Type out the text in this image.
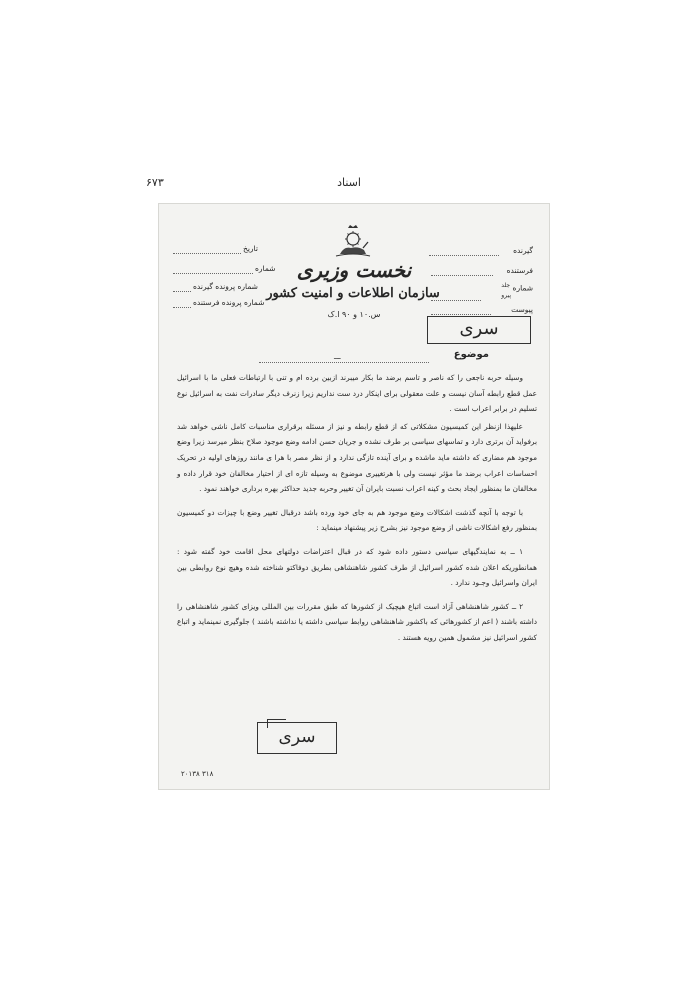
اسناد
۶۷۳
نخست وزیری
سازمان اطلاعات و امنیت کشور
س.۱۰ و ۹۰ ا.ک
تاریخ
شماره
شماره پرونده گیرنده
شماره پرونده فرستنده
گیرنده
فرستنده
شماره $^{جلد}$
پیرو
پیوست
سری
موضوع
ـــ

وسیله حربه ناجعی را که ناصر و تاسم برضد ما بکار میبرند ازبین برده ام و تنی با ارتباطات فعلی ما با اسرائیل عمل قطع رابطه آسان نیست و علت معقولی برای اینکار درد ست نداریم زیرا زنرف دیگر سادرات نفت به اسرائیل نوع تسلیم در برابر اعراب است .

علیهذا ازنظر این کمیسیون مشکلاتی که از قطع رابطه و نیز از مسئله برقراری مناسبات کامل ناشی خواهد شد برفواید آن برتری دارد و تماسهای سیاسی بر طرف نشده و جریان حسن ادامه وضع موجود صلاح بنظر میرسد زیرا وضع موجود هم مضاری که داشته ماید ماشده و برای آینده تازگی ندارد و از نظر مصر با هرا ی مانند روزهای اولیه در تحریک احساسات اعراب برضد ما مؤثر نیست ولی با هرتغییری موضوع به وسیله تازه ای از احتیار مخالفان خود قرار داده و مخالفان ما بمنظور ایجاد بحث و کینه اعراب نسبت بایران آن تغییر وحربه جدید حداکثر بهره برداری خواهند نمود .

با توجه با آنچه گذشت اشکالات وضع موجود هم به جای خود ورده باشد درقبال تغییر وضع با چیزات دو کمیسیون بمنظور رفع اشکالات ناشی از وضع موجود نیز بشرح زیر پیشنهاد مینماید :

۱ ــ به نمایندگیهای سیاسی دستور داده شود که در قبال اعتراضات دولتهای محل اقامت خود گفته شود : همانطوریکه اعلان شده کشور اسرائیل از طرف کشور شاهنشاهی بطریق دوفاکتو شناخته شده وهیچ نوع روابطی بین ایران واسرائیل وجـود ندارد .

۲ ــ کشور شاهنشاهی آزاد است اتباع هیچیک از کشورها که طبق مقررات بین المللی ویزای کشور شاهنشاهی را داشته باشند ( اعم از کشورهائی که باکشور شاهنشاهی روابط سیاسی داشته یا نداشته باشند ) جلوگیری نمینماید و اتباع کشور اسرائیل نیز مشمول همین رویه هستند .

سری
۳۱۸ ۲۰۱۳۸
